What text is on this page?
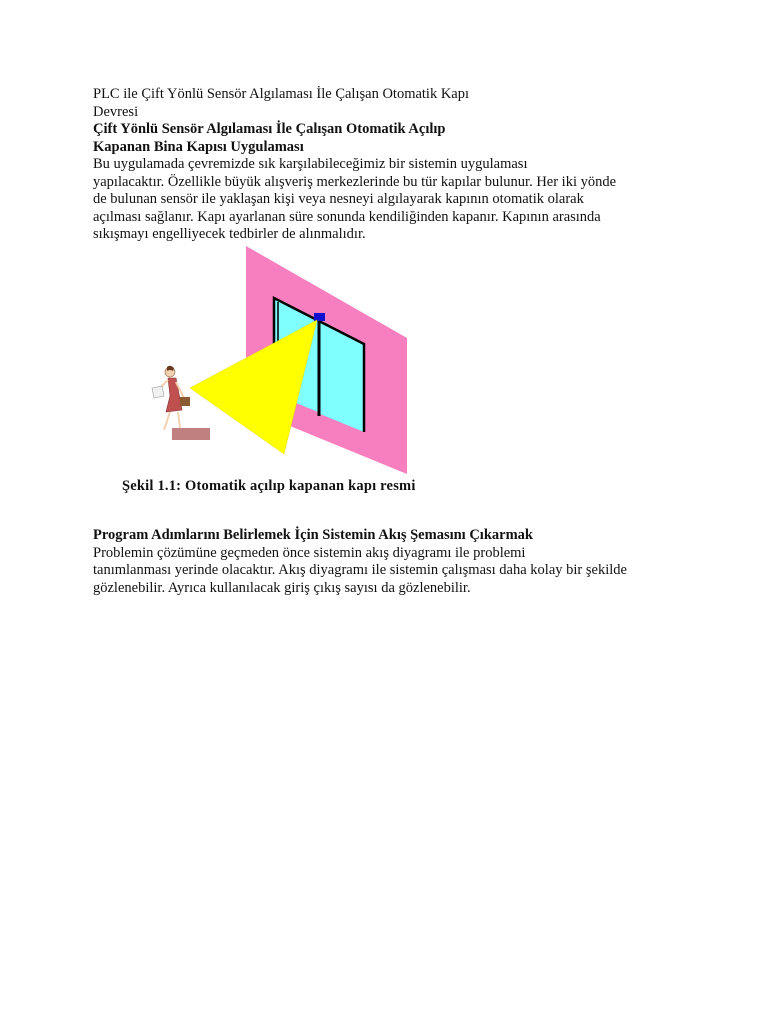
PLC ile Çift Yönlü Sensör Algılaması İle Çalışan Otomatik Kapı
Devresi
Çift Yönlü Sensör Algılaması İle Çalışan Otomatik Açılıp
Kapanan Bina Kapısı Uygulaması
Bu uygulamada çevremizde sık karşılabileceğimiz bir sistemin uygulaması
yapılacaktır. Özellikle büyük alışveriş merkezlerinde bu tür kapılar bulunur. Her iki yönde
de bulunan sensör ile yaklaşan kişi veya nesneyi algılayarak kapının otomatik olarak
açılması sağlanır. Kapı ayarlanan süre sonunda kendiliğinden kapanır. Kapının arasında
sıkışmayı engelliyecek tedbirler de alınmalıdır.
Şekil 1.1: Otomatik açılıp kapanan kapı resmi
Program Adımlarını Belirlemek İçin Sistemin Akış Şemasını Çıkarmak
Problemin çözümüne geçmeden önce sistemin akış diyagramı ile problemi
tanımlanması yerinde olacaktır. Akış diyagramı ile sistemin çalışması daha kolay bir şekilde
gözlenebilir. Ayrıca kullanılacak giriş çıkış sayısı da gözlenebilir.
